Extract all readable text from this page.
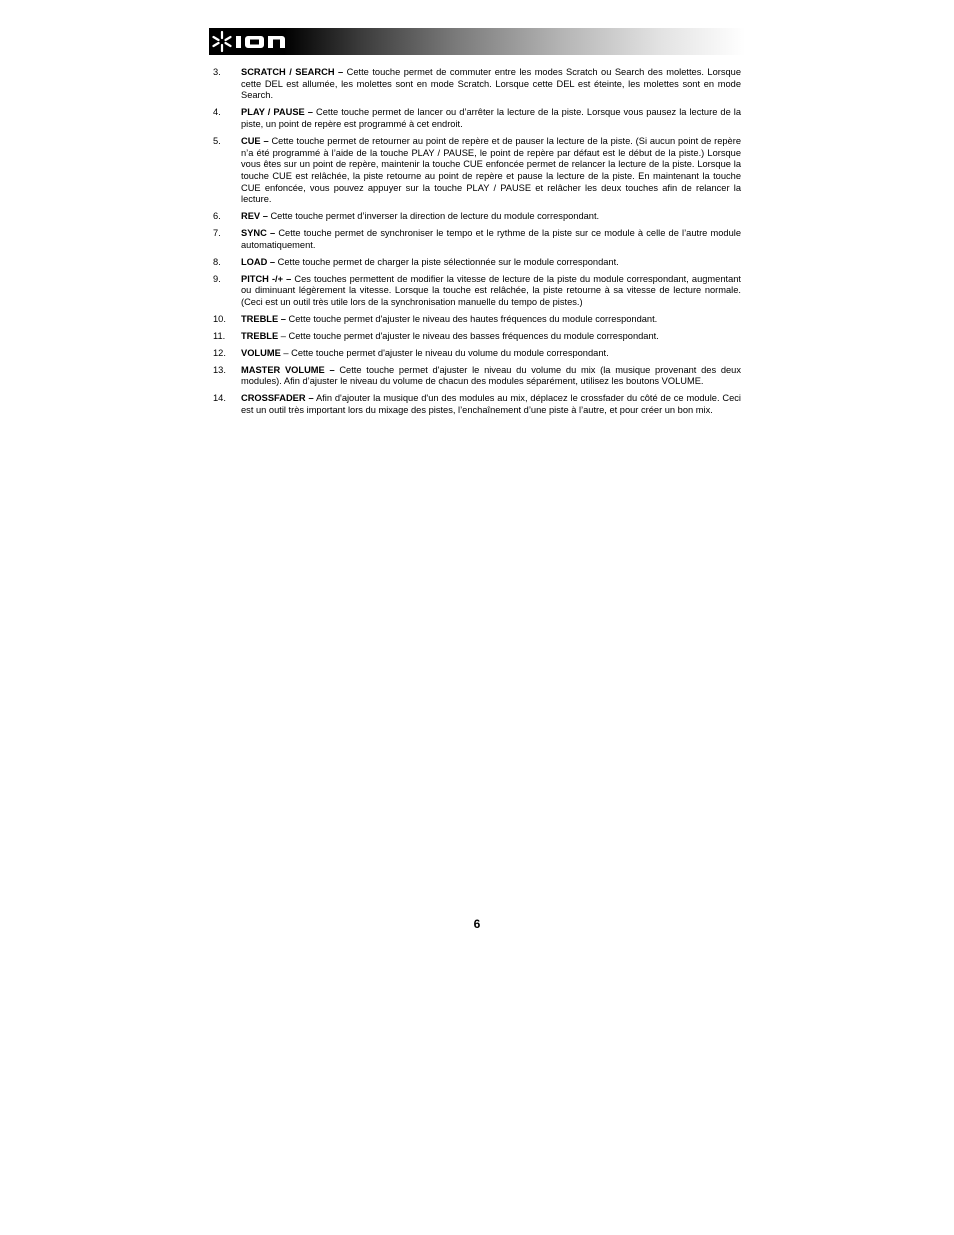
3.	SCRATCH / SEARCH – Cette touche permet de commuter entre les modes Scratch ou Search des molettes. Lorsque cette DEL est allumée, les molettes sont en mode Scratch. Lorsque cette DEL est éteinte, les molettes sont en mode Search.
4.	PLAY / PAUSE – Cette touche permet de lancer ou d’arrêter la lecture de la piste. Lorsque vous pausez la lecture de la piste, un point de repère est programmé à cet endroit.
5.	CUE – Cette touche permet de retourner au point de repère et de pauser la lecture de la piste. (Si aucun point de repère n’a été programmé à l’aide de la touche PLAY / PAUSE, le point de repère par défaut est le début de la piste.) Lorsque vous êtes sur un point de repère, maintenir la touche CUE enfoncée permet de relancer la lecture de la piste. Lorsque la touche CUE est relâchée, la piste retourne au point de repère et pause la lecture de la piste. En maintenant la touche CUE enfoncée, vous pouvez appuyer sur la touche PLAY / PAUSE et relâcher les deux touches afin de relancer la lecture.
6.	REV – Cette touche permet d’inverser la direction de lecture du module correspondant.
7.	SYNC – Cette touche permet de synchroniser le tempo et le rythme de la piste sur ce module à celle de l’autre module automatiquement.
8.	LOAD – Cette touche permet de charger la piste sélectionnée sur le module correspondant.
9.	PITCH -/+ – Ces touches permettent de modifier la vitesse de lecture de la piste du module correspondant, augmentant ou diminuant légèrement la vitesse. Lorsque la touche est relâchée, la piste retourne à sa vitesse de lecture normale. (Ceci est un outil très utile lors de la synchronisation manuelle du tempo de pistes.)
10.	TREBLE – Cette touche permet d'ajuster le niveau des hautes fréquences du module correspondant.
11.	TREBLE – Cette touche permet d'ajuster le niveau des basses fréquences du module correspondant.
12.	VOLUME – Cette touche permet d'ajuster le niveau du volume du module correspondant.
13.	MASTER VOLUME – Cette touche permet d'ajuster le niveau du volume du mix (la musique provenant des deux modules). Afin d’ajuster le niveau du volume de chacun des modules séparément, utilisez les boutons VOLUME.
14.	CROSSFADER – Afin d'ajouter la musique d'un des modules au mix, déplacez le crossfader du côté de ce module. Ceci est un outil très important lors du mixage des pistes, l’enchaînement d’une piste à l’autre, et pour créer un bon mix.
6
